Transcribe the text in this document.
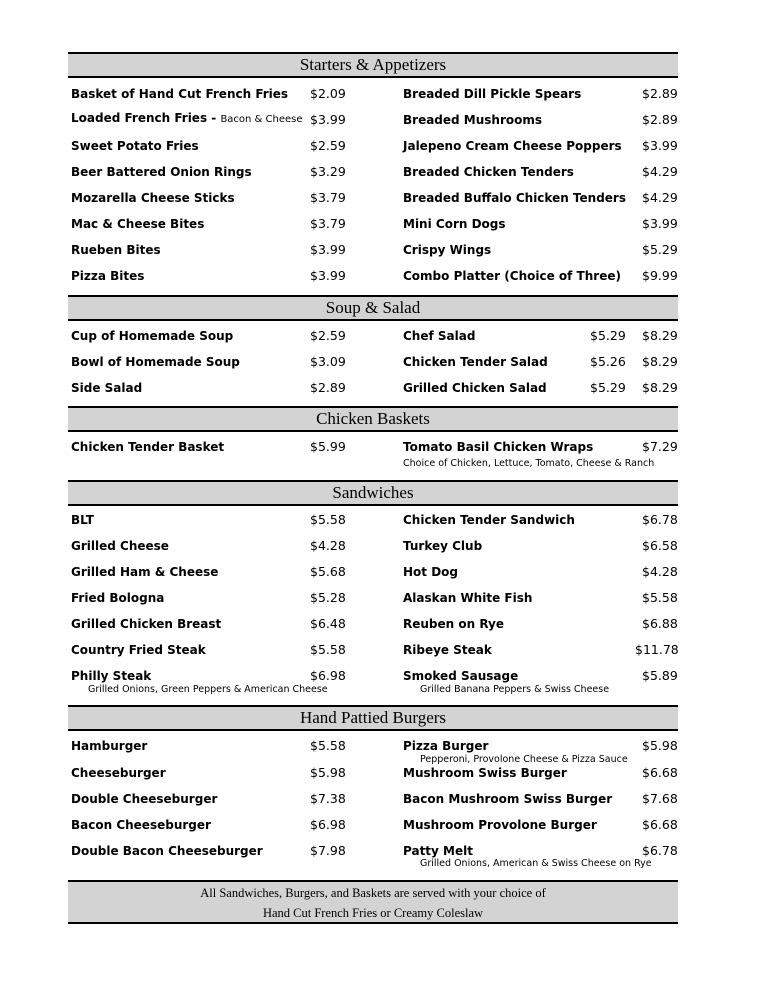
Starters & Appetizers
Basket of Hand Cut French Fries $2.09
Loaded French Fries - Bacon & Cheese $3.99
Sweet Potato Fries	$2.59
Beer Battered Onion Rings	$3.29
Mozarella Cheese Sticks	$3.79
Mac & Cheese Bites	$3.79
Rueben Bites	$3.99
Pizza Bites	$3.99
Breaded Dill Pickle Spears	$2.89
Breaded Mushrooms	$2.89
Jalepeno Cream Cheese Poppers $3.99
Breaded Chicken Tenders	$4.29
Breaded Buffalo Chicken Tenders $4.29
Mini Corn Dogs	$3.99
Crispy Wings	$5.29
Combo Platter (Choice of Three) $9.99
Soup & Salad
Cup of Homemade Soup	$2.59
Bowl of Homemade Soup	$3.09
Side Salad	$2.89
Chef Salad	$5.29 $8.29
Chicken Tender Salad	$5.26 $8.29
Grilled Chicken Salad	$5.29 $8.29
Chicken Baskets
Chicken Tender Basket	$5.99	Tomato Basil Chicken Wraps	$7.29
Choice of Chicken, Lettuce, Tomato, Cheese & Ranch
Sandwiches
BLT	$5.58
Grilled Cheese	$4.28
Grilled Ham & Cheese	$5.68
Fried Bologna	$5.28
Grilled Chicken Breast	$6.48
Country Fried Steak	$5.58
Philly Steak	$6.98
Grilled Onions, Green Peppers & American Cheese
Chicken Tender Sandwich	$6.78
Turkey Club	$6.58
Hot Dog	$4.28
Alaskan White Fish	$5.58
Reuben on Rye	$6.88
Ribeye Steak	$11.78
Smoked Sausage	$5.89
Grilled Banana Peppers & Swiss Cheese
Hand Pattied Burgers
Hamburger	$5.58
Cheeseburger	$5.98
Double Cheeseburger	$7.38
Bacon Cheeseburger	$6.98
Double Bacon Cheeseburger	$7.98
Pizza Burger	$5.98
Pepperoni, Provolone Cheese & Pizza Sauce
Mushroom Swiss Burger	$6.68
Bacon Mushroom Swiss Burger $7.68
Mushroom Provolone Burger	$6.68
Patty Melt	$6.78
Grilled Onions, American & Swiss Cheese on Rye
All Sandwiches, Burgers, and Baskets are served with your choice of
Hand Cut French Fries or Creamy Coleslaw
